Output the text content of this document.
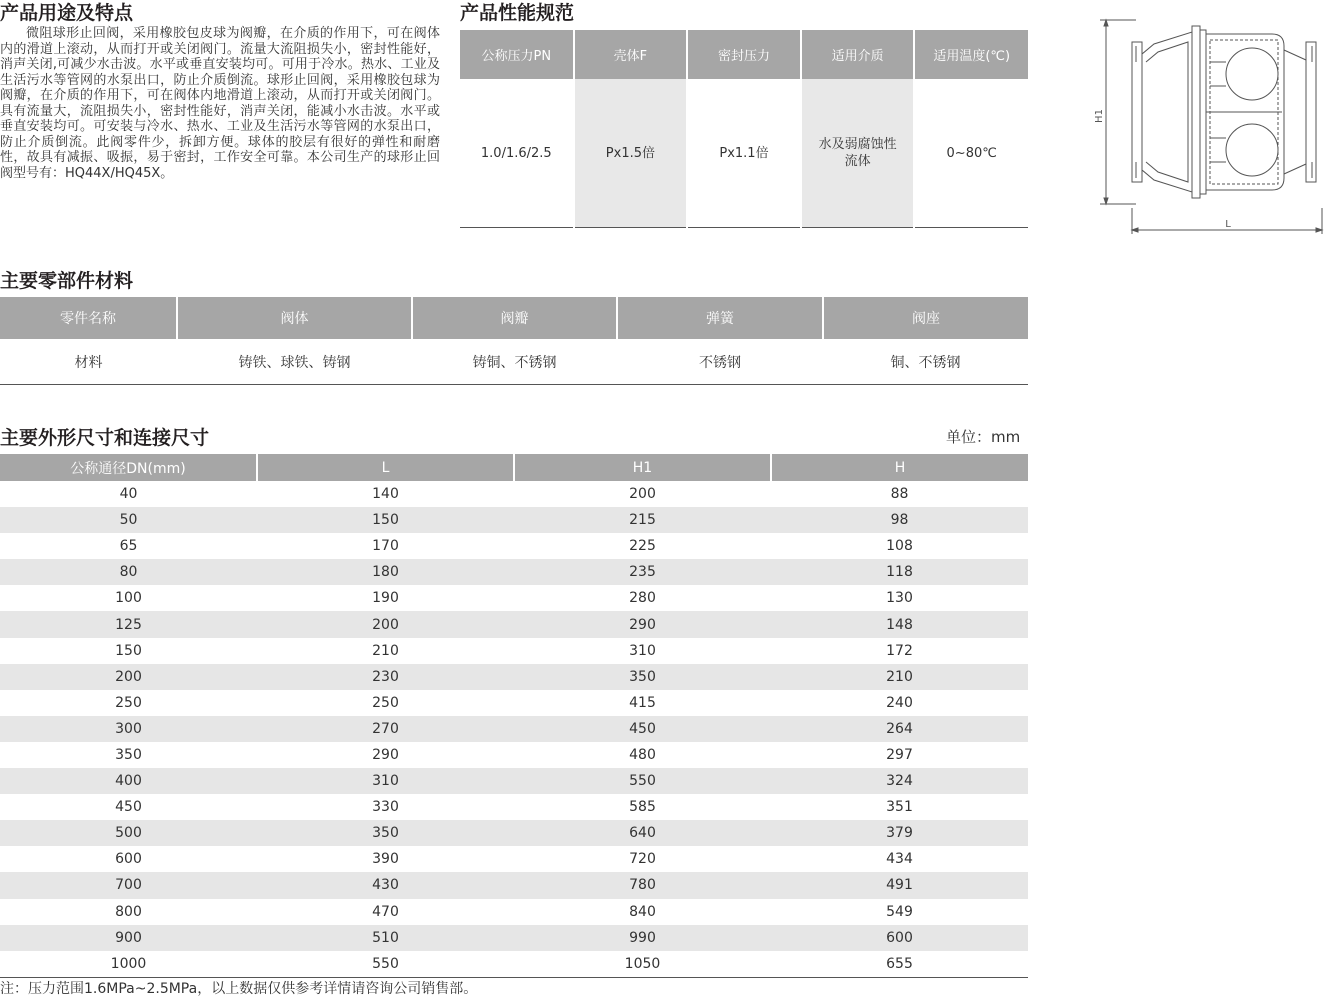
产品用途及特点
微阻球形止回阀，采用橡胶包皮球为阀瓣，在介质的作用下，可在阀体内的滑道上滚动，从而打开或关闭阀门。流量大流阻损失小，密封性能好，消声关闭,可减少水击波。水平或垂直安装均可。可用于冷水。热水、工业及生活污水等管网的水泵出口，防止介质倒流。球形止回阀，采用橡胶包球为阀瓣，在介质的作用下，可在阀体内地滑道上滚动，从而打开或关闭阀门。具有流量大，流阻损失小，密封性能好，消声关闭，能减小水击波。水平或垂直安装均可。可安装与冷水、热水、工业及生活污水等管网的水泵出口，防止介质倒流。此阀零件少，拆卸方便。球体的胶层有很好的弹性和耐磨性，故具有减振、吸振，易于密封，工作安全可靠。本公司生产的球形止回阀型号有：HQ44X/HQ45X。
产品性能规范
公称压力PN	壳体F	密封压力	适用介质	适用温度(℃)
1.0/1.6/2.5	Px1.5倍	Px1.1倍	水及弱腐蚀性流体	0~80℃
H1
L
主要零部件材料
零件名称	阀体	阀瓣	弹簧	阀座
材料	铸铁、球铁、铸钢	铸铜、不锈钢	不锈钢	铜、不锈钢
主要外形尺寸和连接尺寸	单位：mm
公称通径DN(mm)	L	H1	H
40	140	200	88
50	150	215	98
65	170	225	108
80	180	235	118
100	190	280	130
125	200	290	148
150	210	310	172
200	230	350	210
250	250	415	240
300	270	450	264
350	290	480	297
400	310	550	324
450	330	585	351
500	350	640	379
600	390	720	434
700	430	780	491
800	470	840	549
900	510	990	600
1000	550	1050	655
注：压力范围1.6MPa~2.5MPa，以上数据仅供参考详情请咨询公司销售部。
